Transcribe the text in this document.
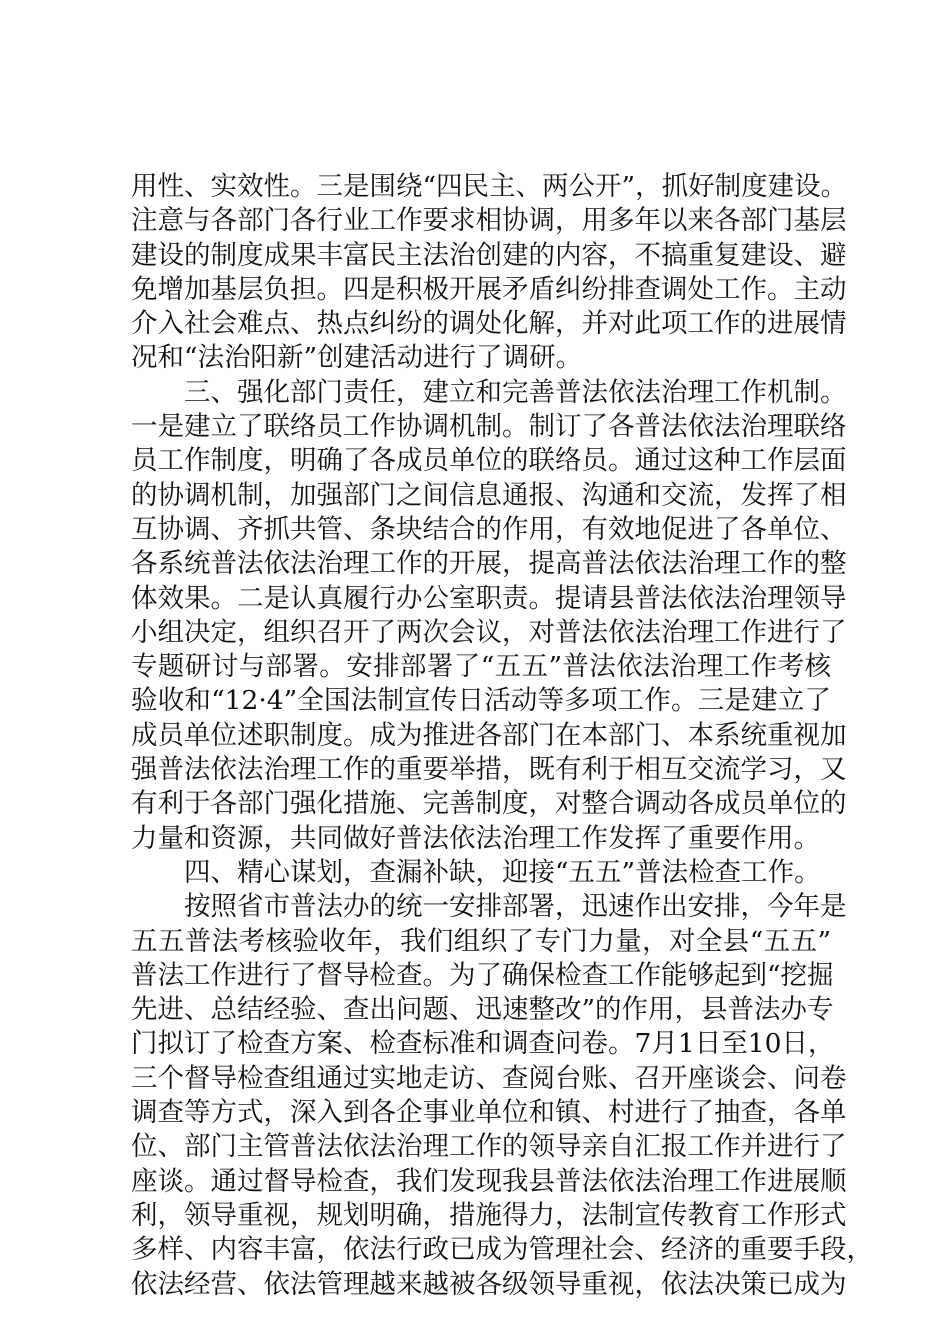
用性、实效性。三是围绕“四民主、两公开”，抓好制度建设。
注意与各部门各行业工作要求相协调，用多年以来各部门基层
建设的制度成果丰富民主法治创建的内容，不搞重复建设、避
免增加基层负担。四是积极开展矛盾纠纷排查调处工作。主动
介入社会难点、热点纠纷的调处化解，并对此项工作的进展情
况和“法治阳新”创建活动进行了调研。
三、强化部门责任，建立和完善普法依法治理工作机制。
一是建立了联络员工作协调机制。制订了各普法依法治理联络
员工作制度，明确了各成员单位的联络员。通过这种工作层面
的协调机制，加强部门之间信息通报、沟通和交流，发挥了相
互协调、齐抓共管、条块结合的作用，有效地促进了各单位、
各系统普法依法治理工作的开展，提高普法依法治理工作的整
体效果。二是认真履行办公室职责。提请县普法依法治理领导
小组决定，组织召开了两次会议，对普法依法治理工作进行了
专题研讨与部署。安排部署了“五五”普法依法治理工作考核
验收和“12·4”全国法制宣传日活动等多项工作。三是建立了
成员单位述职制度。成为推进各部门在本部门、本系统重视加
强普法依法治理工作的重要举措，既有利于相互交流学习，又
有利于各部门强化措施、完善制度，对整合调动各成员单位的
力量和资源，共同做好普法依法治理工作发挥了重要作用。
四、精心谋划，查漏补缺，迎接“五五”普法检查工作。
按照省市普法办的统一安排部署，迅速作出安排，今年是
五五普法考核验收年，我们组织了专门力量，对全县“五五”
普法工作进行了督导检查。为了确保检查工作能够起到“挖掘
先进、总结经验、查出问题、迅速整改”的作用，县普法办专
门拟订了检查方案、检查标准和调查问卷。7月1日至10日，
三个督导检查组通过实地走访、查阅台账、召开座谈会、问卷
调查等方式，深入到各企事业单位和镇、村进行了抽查，各单
位、部门主管普法依法治理工作的领导亲自汇报工作并进行了
座谈。通过督导检查，我们发现我县普法依法治理工作进展顺
利，领导重视，规划明确，措施得力，法制宣传教育工作形式
多样、内容丰富，依法行政已成为管理社会、经济的重要手段，
依法经营、依法管理越来越被各级领导重视，依法决策已成为
